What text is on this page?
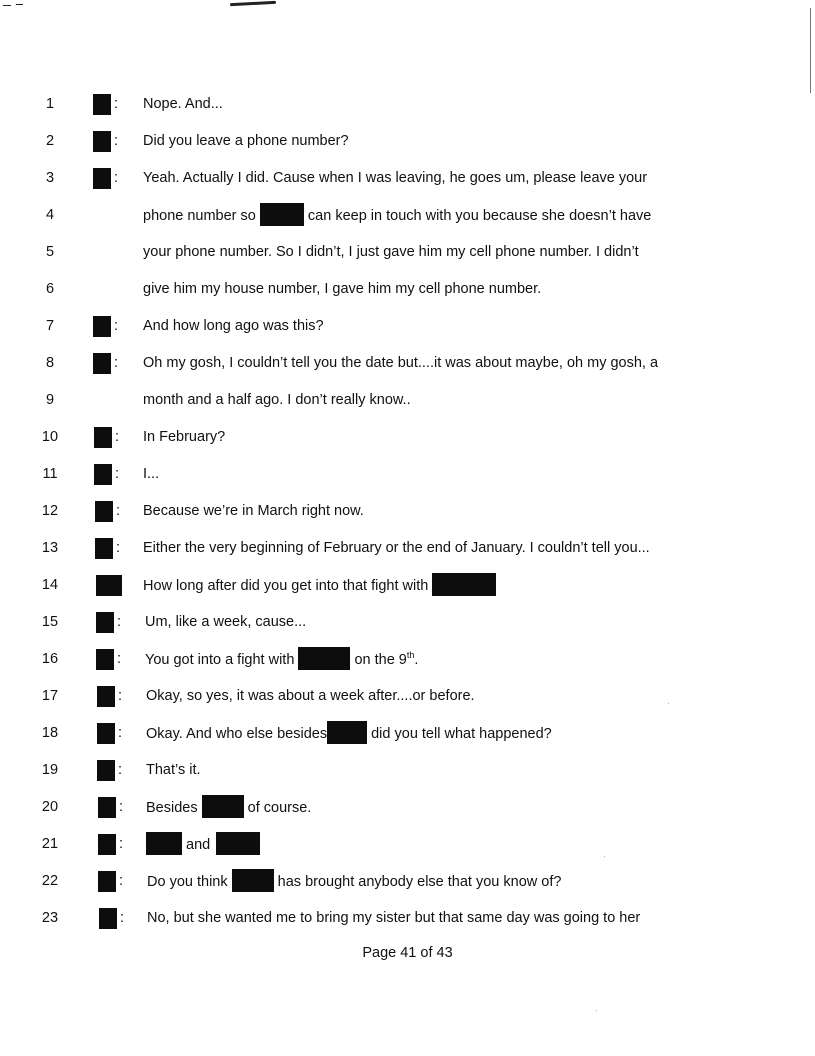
1	: Nope. And...
2	: Did you leave a phone number?
3	: Yeah. Actually I did. Cause when I was leaving, he goes um, please leave your
4	phone number so	can keep in touch with you because she doesn’t have
5	your phone number. So I didn’t, I just gave him my cell phone number. I didn’t
6	give him my house number, I gave him my cell phone number.
7	: And how long ago was this?
8	: Oh my gosh, I couldn’t tell you the date but....it was about maybe, oh my gosh, a
9	month and a half ago. I don’t really know..
10	: In February?
11	: I...
12	: Because we’re in March right now.
13	: Either the very beginning of February or the end of January. I couldn’t tell you...
14	How long after did you get into that fight with
15	: Um, like a week, cause...
16	: You got into a fight with	on the 9th.
17	: Okay, so yes, it was about a week after....or before.
18	: Okay. And who else besides	did you tell what happened?
19	: That’s it.
20	: Besides	of course.
21	:	and
22	: Do you think	has brought anybody else that you know of?
23	: No, but she wanted me to bring my sister but that same day was going to her
Page 41 of 43
